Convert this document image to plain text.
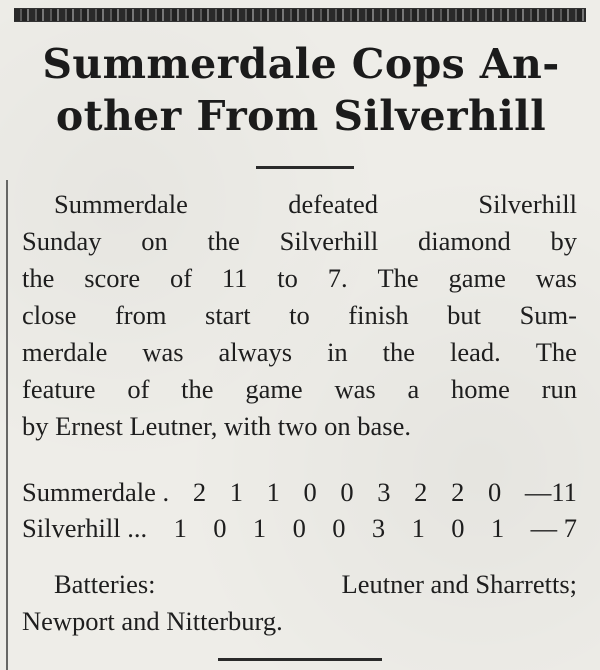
Summerdale Cops An-
other From Silverhill
Summerdale	defeated	Silverhill
Sunday on the Silverhill diamond by
the score of 11 to 7. The game was
close from start to finish but Sum-
merdale was always in the lead. The
feature of the game was a home run
by Ernest Leutner, with two on base.
Summerdale . 2 1 1 0 0 3 2 2 0 —11
Silverhill ... 1 0 1 0 0 3 1 0 1 — 7
Batteries:	Leutner and Sharretts;
Newport and Nitterburg.
